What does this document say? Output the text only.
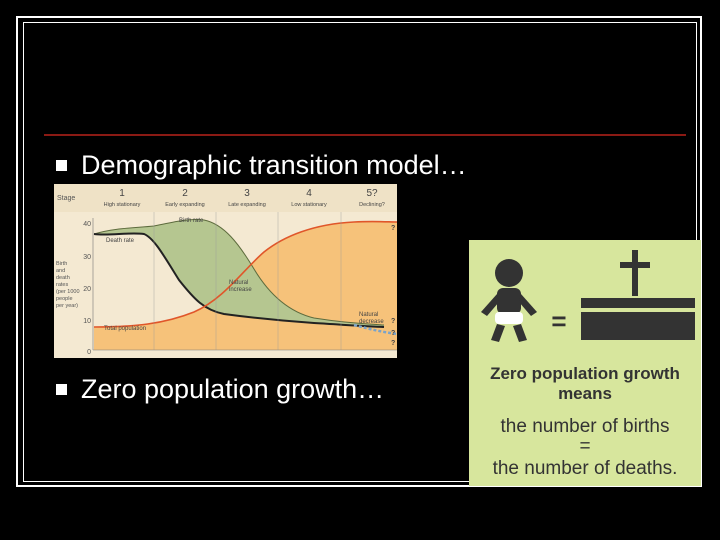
Demographic transition model…
Stage	1
High stationary
2
Early expanding
3
Late expanding
4
Low stationary
5?
Declining?
40
30
20
10
0
Birth
and
death
rates
(per 1000
people
per year)
Birth rate
Death rate
Natural
increase
Natural
decrease
Total population
?
?
?
?
Zero population growth…
=
Zero population growth
means
the number of births
=
the number of deaths.
